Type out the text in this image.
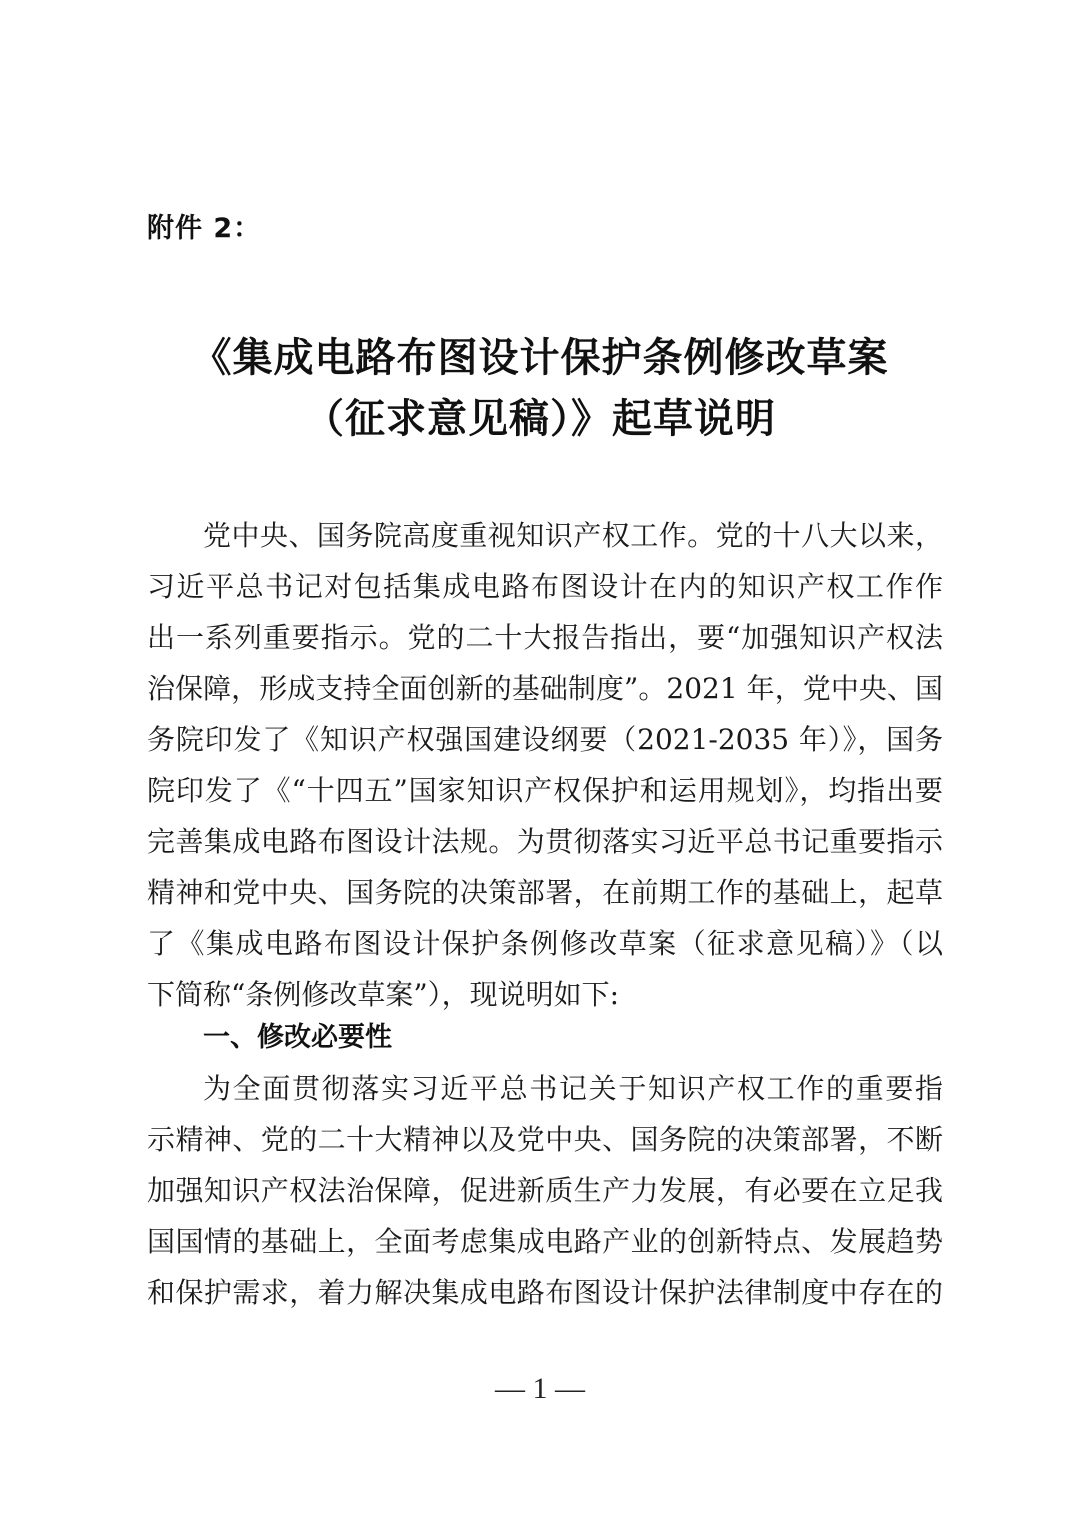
附件 2：
《集成电路布图设计保护条例修改草案
（征求意见稿）》起草说明
党中央、国务院高度重视知识产权工作。党的十八大以来，
习近平总书记对包括集成电路布图设计在内的知识产权工作作
出一系列重要指示。党的二十大报告指出，要“加强知识产权法
治保障，形成支持全面创新的基础制度”。2021 年，党中央、国
务院印发了《知识产权强国建设纲要（2021-2035 年）》，国务
院印发了《“十四五”国家知识产权保护和运用规划》，均指出要
完善集成电路布图设计法规。为贯彻落实习近平总书记重要指示
精神和党中央、国务院的决策部署，在前期工作的基础上，起草
了《集成电路布图设计保护条例修改草案（征求意见稿）》（以
下简称“条例修改草案”），现说明如下:
一、修改必要性
为全面贯彻落实习近平总书记关于知识产权工作的重要指
示精神、党的二十大精神以及党中央、国务院的决策部署，不断
加强知识产权法治保障，促进新质生产力发展，有必要在立足我
国国情的基础上，全面考虑集成电路产业的创新特点、发展趋势
和保护需求，着力解决集成电路布图设计保护法律制度中存在的
— 1 —
